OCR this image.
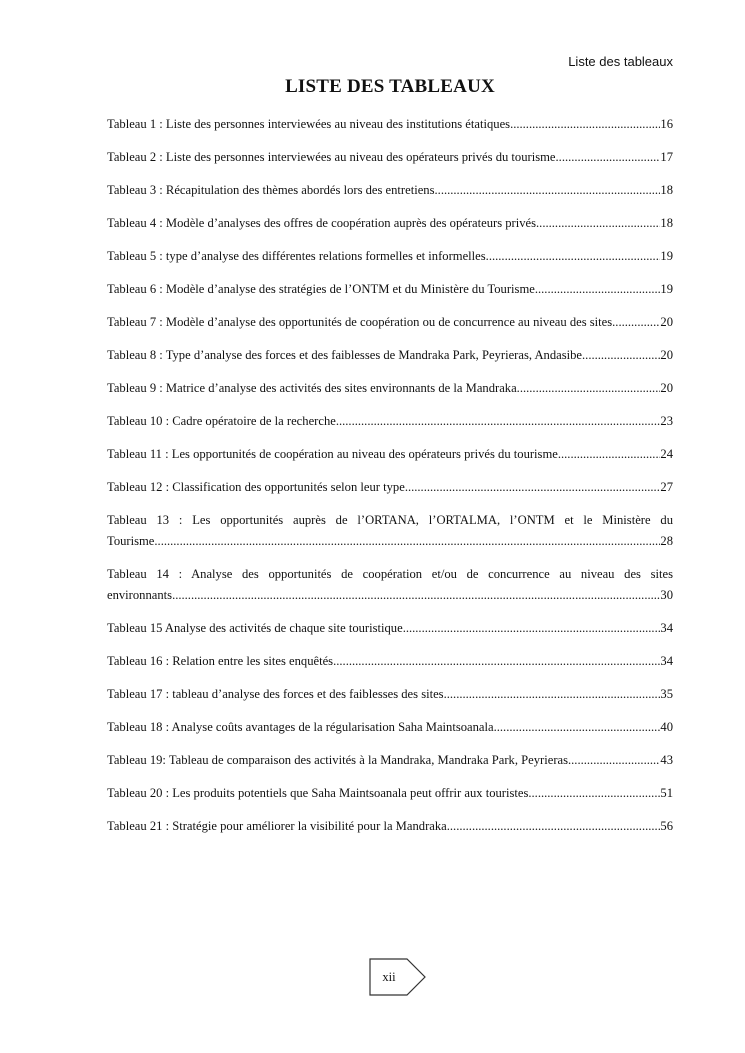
Liste des tableaux
LISTE DES TABLEAUX
Tableau 1 : Liste des personnes interviewées au niveau des institutions étatiques .....	16
Tableau 2 : Liste des personnes interviewées au niveau des opérateurs privés du tourisme .....	17
Tableau 3 : Récapitulation des thèmes abordés lors des entretiens .....	18
Tableau 4 : Modèle d’analyses des offres de coopération auprès des opérateurs privés .....	18
Tableau 5 : type d’analyse des différentes relations formelles et informelles .....	19
Tableau 6 : Modèle d’analyse des stratégies de l’ONTM et du Ministère du Tourisme .....	19
Tableau 7 : Modèle d’analyse des opportunités de coopération ou de concurrence au niveau des sites .....	20
Tableau 8 : Type d’analyse des forces et des faiblesses de Mandraka Park, Peyrieras, Andasibe .....	20
Tableau 9 : Matrice d’analyse des activités des sites environnants de la Mandraka .....	20
Tableau 10 : Cadre opératoire de la recherche .....	23
Tableau 11 : Les opportunités de coopération au niveau des opérateurs privés du tourisme .....	24
Tableau 12 : Classification des opportunités selon leur type .....	27
Tableau 13 : Les opportunités auprès de l’ORTANA, l’ORTALMA, l’ONTM et le Ministère du
Tourisme .....	28
Tableau 14 : Analyse des opportunités de coopération et/ou de concurrence au niveau des sites
environnants .....	30
Tableau 15 Analyse des activités de chaque site touristique .....	34
Tableau 16 : Relation entre les sites enquêtés .....	34
Tableau 17 : tableau d’analyse des forces et des faiblesses des sites .....	35
Tableau 18 : Analyse coûts avantages de la régularisation Saha Maintsoanala .....	40
Tableau 19: Tableau de comparaison des activités à la Mandraka, Mandraka Park, Peyrieras .....	43
Tableau 20 : Les produits potentiels que Saha Maintsoanala peut offrir aux touristes .....	51
Tableau 21 : Stratégie pour améliorer la visibilité pour la Mandraka .....	56
xii
